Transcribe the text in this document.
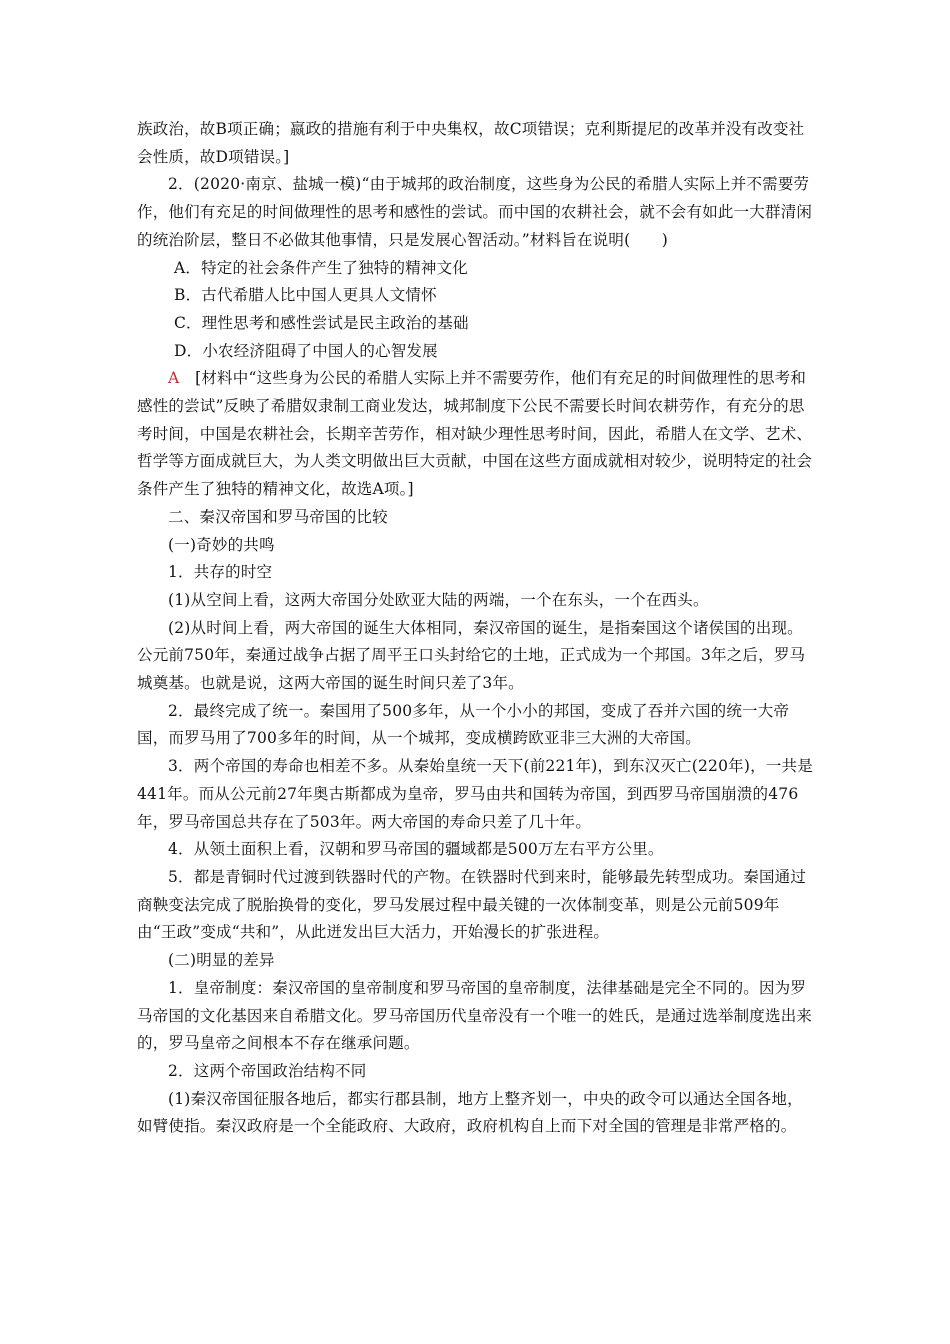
族政治，故B项正确；嬴政的措施有利于中央集权，故C项错误；克利斯提尼的改革并没有改变社会性质，故D项错误。]

2．(2020·南京、盐城一模)“由于城邦的政治制度，这些身为公民的希腊人实际上并不需要劳作，他们有充足的时间做理性的思考和感性的尝试。而中国的农耕社会，就不会有如此一大群清闲的统治阶层，整日不必做其他事情，只是发展心智活动。”材料旨在说明(　　)

A．特定的社会条件产生了独特的精神文化

B．古代希腊人比中国人更具人文情怀

C．理性思考和感性尝试是民主政治的基础

D．小农经济阻碍了中国人的心智发展

A　[材料中“这些身为公民的希腊人实际上并不需要劳作，他们有充足的时间做理性的思考和感性的尝试”反映了希腊奴隶制工商业发达，城邦制度下公民不需要长时间农耕劳作，有充分的思考时间，中国是农耕社会，长期辛苦劳作，相对缺少理性思考时间，因此，希腊人在文学、艺术、哲学等方面成就巨大，为人类文明做出巨大贡献，中国在这些方面成就相对较少，说明特定的社会条件产生了独特的精神文化，故选A项。]

二、秦汉帝国和罗马帝国的比较

(一)奇妙的共鸣

1．共存的时空

(1)从空间上看，这两大帝国分处欧亚大陆的两端，一个在东头，一个在西头。

(2)从时间上看，两大帝国的诞生大体相同，秦汉帝国的诞生，是指秦国这个诸侯国的出现。公元前750年，秦通过战争占据了周平王口头封给它的土地，正式成为一个邦国。3年之后，罗马城奠基。也就是说，这两大帝国的诞生时间只差了3年。

2．最终完成了统一。秦国用了500多年，从一个小小的邦国，变成了吞并六国的统一大帝国，而罗马用了700多年的时间，从一个城邦，变成横跨欧亚非三大洲的大帝国。

3．两个帝国的寿命也相差不多。从秦始皇统一天下(前221年)，到东汉灭亡(220年)，一共是441年。而从公元前27年奥古斯都成为皇帝，罗马由共和国转为帝国，到西罗马帝国崩溃的476年，罗马帝国总共存在了503年。两大帝国的寿命只差了几十年。

4．从领土面积上看，汉朝和罗马帝国的疆域都是500万左右平方公里。

5．都是青铜时代过渡到铁器时代的产物。在铁器时代到来时，能够最先转型成功。秦国通过商鞅变法完成了脱胎换骨的变化，罗马发展过程中最关键的一次体制变革，则是公元前509年由“王政”变成“共和”，从此迸发出巨大活力，开始漫长的扩张进程。

(二)明显的差异

1．皇帝制度：秦汉帝国的皇帝制度和罗马帝国的皇帝制度，法律基础是完全不同的。因为罗马帝国的文化基因来自希腊文化。罗马帝国历代皇帝没有一个唯一的姓氏，是通过选举制度选出来的，罗马皇帝之间根本不存在继承问题。

2．这两个帝国政治结构不同

(1)秦汉帝国征服各地后，都实行郡县制，地方上整齐划一，中央的政令可以通达全国各地，如臂使指。秦汉政府是一个全能政府、大政府，政府机构自上而下对全国的管理是非常严格的。
